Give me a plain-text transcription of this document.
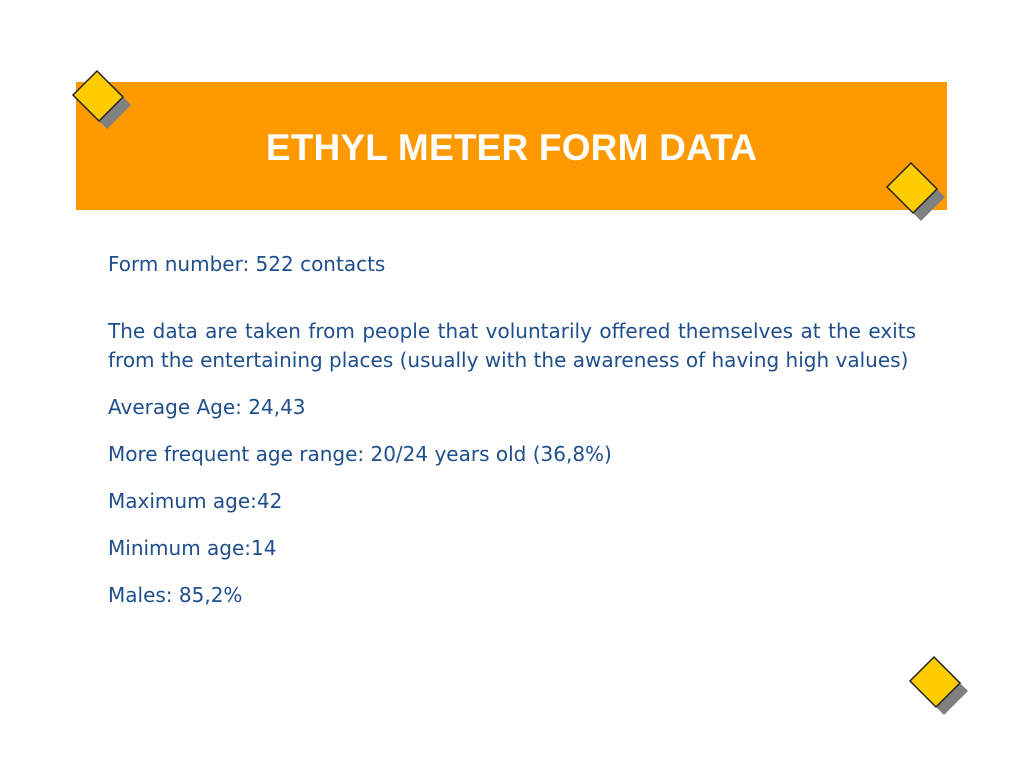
ETHYL METER FORM DATA

Form number: 522 contacts

The data are taken from people that voluntarily offered themselves at the exits from the entertaining places (usually with the awareness of having high values)

Average Age: 24,43

More frequent age range: 20/24 years old (36,8%)

Maximum age:42

Minimum age:14

Males: 85,2%
